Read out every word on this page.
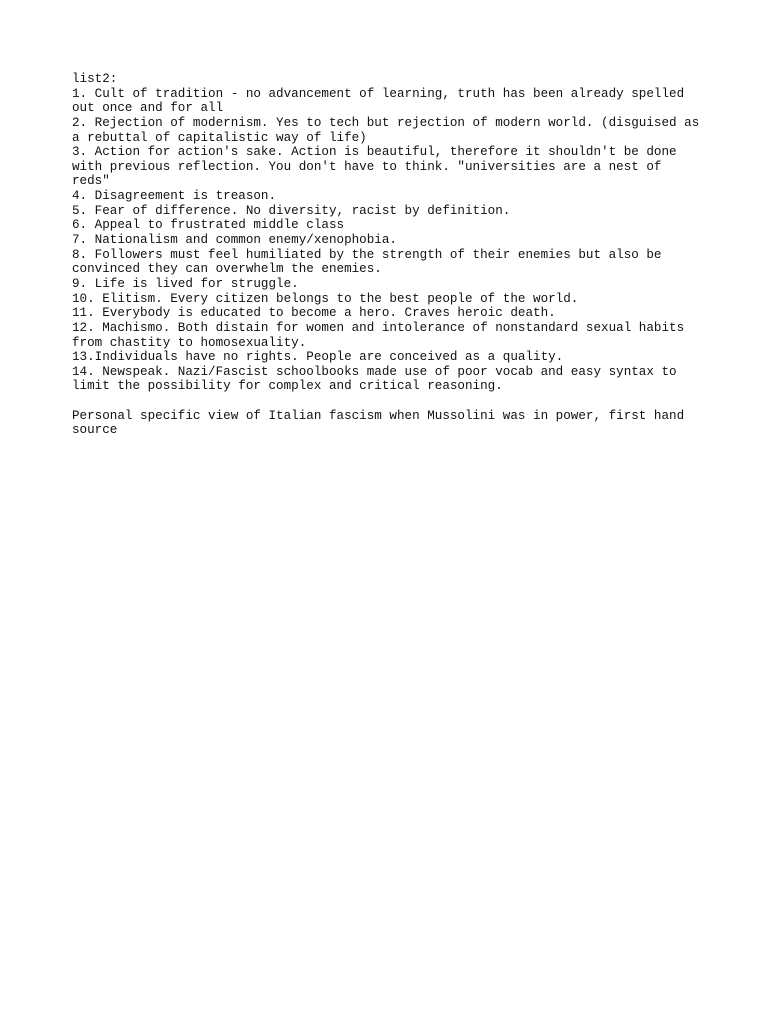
list2:

1. Cult of tradition - no advancement of learning, truth has been already spelled

out once and for all

2. Rejection of modernism. Yes to tech but rejection of modern world. (disguised as

a rebuttal of capitalistic way of life)

3. Action for action's sake. Action is beautiful, therefore it shouldn't be done

with previous reflection. You don't have to think. "universities are a nest of

reds"

4. Disagreement is treason.

5. Fear of difference. No diversity, racist by definition.

6. Appeal to frustrated middle class

7. Nationalism and common enemy/xenophobia.

8. Followers must feel humiliated by the strength of their enemies but also be

convinced they can overwhelm the enemies.

9. Life is lived for struggle.

10. Elitism. Every citizen belongs to the best people of the world.

11. Everybody is educated to become a hero. Craves heroic death.

12. Machismo. Both distain for women and intolerance of nonstandard sexual habits

from chastity to homosexuality.

13.Individuals have no rights. People are conceived as a quality.

14. Newspeak. Nazi/Fascist schoolbooks made use of poor vocab and easy syntax to

limit the possibility for complex and critical reasoning.

Personal specific view of Italian fascism when Mussolini was in power, first hand

source
